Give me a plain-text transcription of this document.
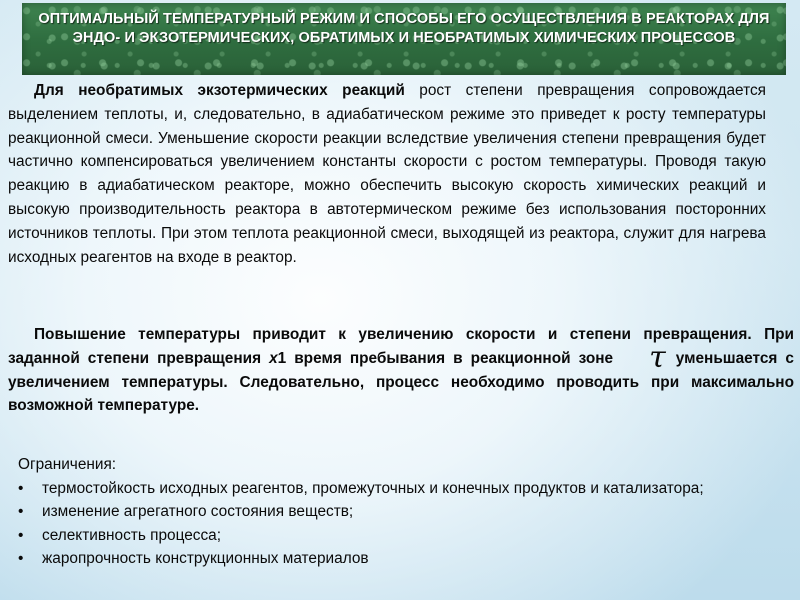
ОПТИМАЛЬНЫЙ ТЕМПЕРАТУРНЫЙ РЕЖИМ И СПОСОБЫ ЕГО ОСУЩЕСТВЛЕНИЯ В РЕАКТОРАХ ДЛЯ ЭНДО- И ЭКЗОТЕРМИЧЕСКИХ, ОБРАТИМЫХ И НЕОБРАТИМЫХ ХИМИЧЕСКИХ ПРОЦЕССОВ

Для необратимых экзотермических реакций рост степени превращения сопровождается выделением теплоты, и, следовательно, в адиабатическом режиме это приведет к росту температуры реакционной смеси. Уменьшение скорости реакции вследствие увеличения степени превращения будет частично компенсироваться увеличением константы скорости с ростом температуры. Проводя такую реакцию в адиабатическом реакторе, можно обеспечить высокую скорость химических реакций и высокую производительность реактора в автотермическом режиме без использования посторонних источников теплоты. При этом теплота реакционной смеси, выходящей из реактора, служит для нагрева исходных реагентов на входе в реактор.

Повышение температуры приводит к увеличению скорости и степени превращения. При заданной степени превращения x1 время пребывания в реакционной зоне τ уменьшается с увеличением температуры. Следовательно, процесс необходимо проводить при максимально возможной температуре.

Ограничения:
• термостойкость исходных реагентов, промежуточных и конечных продуктов и катализатора;
• изменение агрегатного состояния веществ;
• селективность процесса;
• жаропрочность конструкционных материалов
